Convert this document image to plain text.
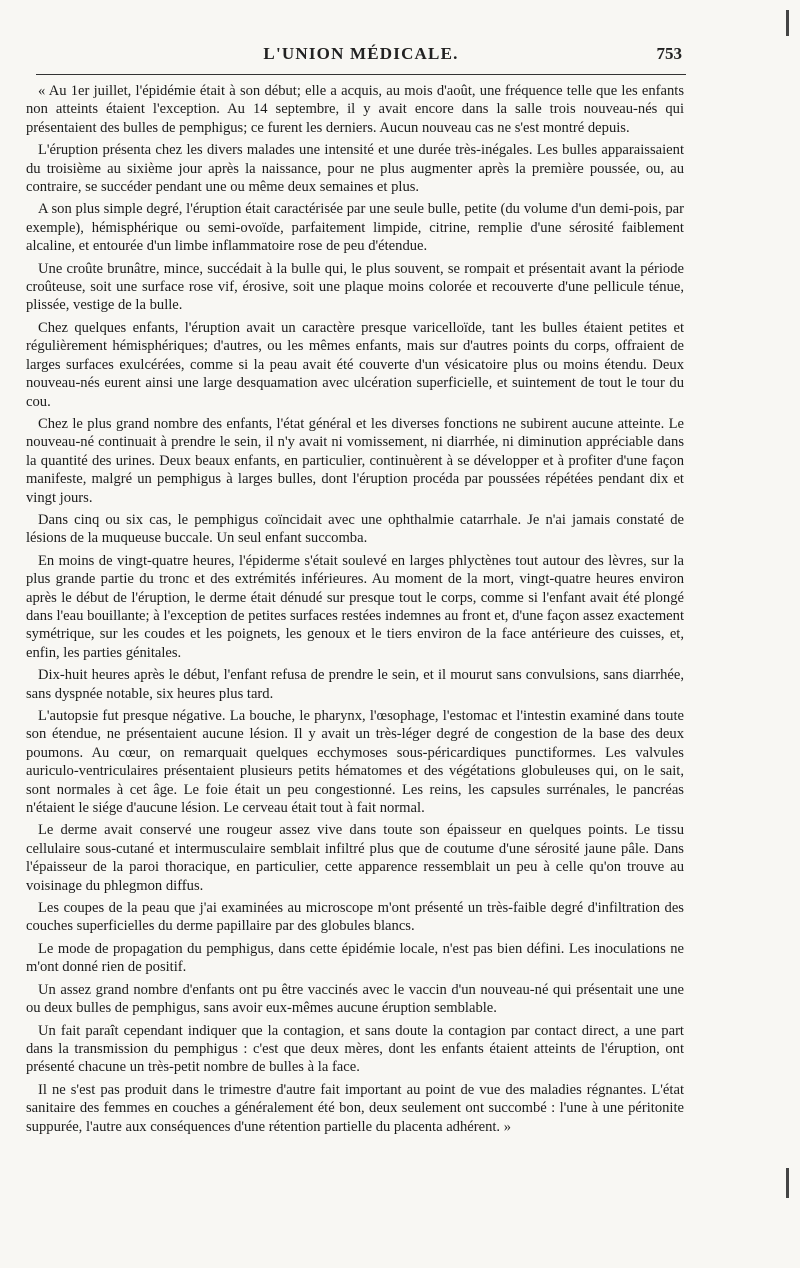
L'UNION MÉDICALE.	753

« Au 1er juillet, l'épidémie était à son début; elle a acquis, au mois d'août, une fréquence telle que les enfants non atteints étaient l'exception. Au 14 septembre, il y avait encore dans la salle trois nouveau-nés qui présentaient des bulles de pemphigus; ce furent les derniers. Aucun nouveau cas ne s'est montré depuis.

L'éruption présenta chez les divers malades une intensité et une durée très-inégales. Les bulles apparaissaient du troisième au sixième jour après la naissance, pour ne plus augmenter après la première poussée, ou, au contraire, se succéder pendant une ou même deux semaines et plus.

A son plus simple degré, l'éruption était caractérisée par une seule bulle, petite (du volume d'un demi-pois, par exemple), hémisphérique ou semi-ovoïde, parfaitement limpide, citrine, remplie d'une sérosité faiblement alcaline, et entourée d'un limbe inflammatoire rose de peu d'étendue.

Une croûte brunâtre, mince, succédait à la bulle qui, le plus souvent, se rompait et présentait avant la période croûteuse, soit une surface rose vif, érosive, soit une plaque moins colorée et recouverte d'une pellicule ténue, plissée, vestige de la bulle.

Chez quelques enfants, l'éruption avait un caractère presque varicelloïde, tant les bulles étaient petites et régulièrement hémisphériques; d'autres, ou les mêmes enfants, mais sur d'autres points du corps, offraient de larges surfaces exulcérées, comme si la peau avait été couverte d'un vésicatoire plus ou moins étendu. Deux nouveau-nés eurent ainsi une large desquamation avec ulcération superficielle, et suintement de tout le tour du cou.

Chez le plus grand nombre des enfants, l'état général et les diverses fonctions ne subirent aucune atteinte. Le nouveau-né continuait à prendre le sein, il n'y avait ni vomissement, ni diarrhée, ni diminution appréciable dans la quantité des urines. Deux beaux enfants, en particulier, continuèrent à se développer et à profiter d'une façon manifeste, malgré un pemphigus à larges bulles, dont l'éruption procéda par poussées répétées pendant dix et vingt jours.

Dans cinq ou six cas, le pemphigus coïncidait avec une ophthalmie catarrhale. Je n'ai jamais constaté de lésions de la muqueuse buccale. Un seul enfant succomba.

En moins de vingt-quatre heures, l'épiderme s'était soulevé en larges phlyctènes tout autour des lèvres, sur la plus grande partie du tronc et des extrémités inférieures. Au moment de la mort, vingt-quatre heures environ après le début de l'éruption, le derme était dénudé sur presque tout le corps, comme si l'enfant avait été plongé dans l'eau bouillante; à l'exception de petites surfaces restées indemnes au front et, d'une façon assez exactement symétrique, sur les coudes et les poignets, les genoux et le tiers environ de la face antérieure des cuisses, et, enfin, les parties génitales.

Dix-huit heures après le début, l'enfant refusa de prendre le sein, et il mourut sans convulsions, sans diarrhée, sans dyspnée notable, six heures plus tard.

L'autopsie fut presque négative. La bouche, le pharynx, l'œsophage, l'estomac et l'intestin examiné dans toute son étendue, ne présentaient aucune lésion. Il y avait un très-léger degré de congestion de la base des deux poumons. Au cœur, on remarquait quelques ecchymoses sous-péricardiques punctiformes. Les valvules auriculo-ventriculaires présentaient plusieurs petits hématomes et des végétations globuleuses qui, on le sait, sont normales à cet âge. Le foie était un peu congestionné. Les reins, les capsules surrénales, le pancréas n'étaient le siége d'aucune lésion. Le cerveau était tout à fait normal.

Le derme avait conservé une rougeur assez vive dans toute son épaisseur en quelques points. Le tissu cellulaire sous-cutané et intermusculaire semblait infiltré plus que de coutume d'une sérosité jaune pâle. Dans l'épaisseur de la paroi thoracique, en particulier, cette apparence ressemblait un peu à celle qu'on trouve au voisinage du phlegmon diffus.

Les coupes de la peau que j'ai examinées au microscope m'ont présenté un très-faible degré d'infiltration des couches superficielles du derme papillaire par des globules blancs.

Le mode de propagation du pemphigus, dans cette épidémie locale, n'est pas bien défini. Les inoculations ne m'ont donné rien de positif.

Un assez grand nombre d'enfants ont pu être vaccinés avec le vaccin d'un nouveau-né qui présentait une une ou deux bulles de pemphigus, sans avoir eux-mêmes aucune éruption semblable.

Un fait paraît cependant indiquer que la contagion, et sans doute la contagion par contact direct, a une part dans la transmission du pemphigus : c'est que deux mères, dont les enfants étaient atteints de l'éruption, ont présenté chacune un très-petit nombre de bulles à la face.

Il ne s'est pas produit dans le trimestre d'autre fait important au point de vue des maladies régnantes. L'état sanitaire des femmes en couches a généralement été bon, deux seulement ont succombé : l'une à une péritonite suppurée, l'autre aux conséquences d'une rétention partielle du placenta adhérent. »
